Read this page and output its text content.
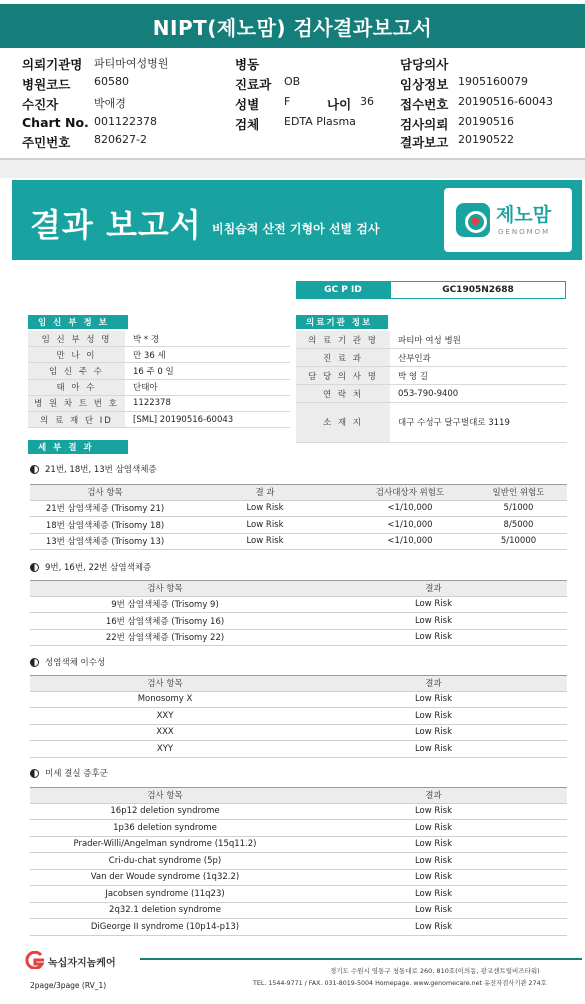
NIPT(제노맘) 검사결과보고서
의뢰기관명 파티마여성병원	병동	담당의사
병원코드 60580	진료과 OB	임상정보 1905160079
수진자	박애경	성별 F	나이 36 접수번호 20190516-60043
Chart No. 001122378	검체 EDTA Plasma	검사의뢰 20190516
주민번호 820627-2	결과보고 20190522
결과 보고서 비침습적 산전 기형아 선별 검사
제노맘
GENOMOM
GC P ID	GC1905N2688
임 신 부 정 보
임 신 부 성 명	박 * 경
만 나 이	만 36 세
임 신 주 수	16 주 0 일
태 아 수	단태아
병 원 차 트 번 호	1122378
의 료 재 단 ID	[SML] 20190516-60043
의료기관 정보
의 료 기 관 명	파티마 여성 병원
진 료 과	산부인과
담 당 의 사 명	박 영 길
연 락 처	053-790-9400
소 재 지	대구 수성구 달구벌대로 3119
세 부 결 과
21번, 18번, 13번 삼염색체증
검사 항목	결 과	검사대상자 위험도	일반인 위험도
21번 삼염색체증 (Trisomy 21)	Low Risk	<1/10,000	5/1000
18번 삼염색체증 (Trisomy 18)	Low Risk	<1/10,000	8/5000
13번 삼염색체증 (Trisomy 13)	Low Risk	<1/10,000	5/10000
9번, 16번, 22번 삼염색체증
검사 항목	결과
9번 삼염색체증 (Trisomy 9)	Low Risk
16번 삼염색체증 (Trisomy 16)	Low Risk
22번 삼염색체증 (Trisomy 22)	Low Risk
성염색체 이수성
검사 항목	결과
Monosomy X	Low Risk
XXY	Low Risk
XXX	Low Risk
XYY	Low Risk
미세 결실 증후군
검사 항목	결과
16p12 deletion syndrome	Low Risk
1p36 deletion syndrome	Low Risk
Prader-Willi/Angelman syndrome (15q11.2)	Low Risk
Cri-du-chat syndrome (5p)	Low Risk
Van der Woude syndrome (1q32.2)	Low Risk
Jacobsen syndrome (11q23)	Low Risk
2q32.1 deletion syndrome	Low Risk
DiGeorge II syndrome (10p14-p13)	Low Risk
녹십자지놈케어
경기도 수원시 영통구 청통대로 260, 810호(이의동, 광교센트럴비즈타워)
TEL. 1544-9771 / FAX. 031-8019-5004 Homepage. www.genomecare.net 유전자검사기관 274호
2page/3page (RV_1)
